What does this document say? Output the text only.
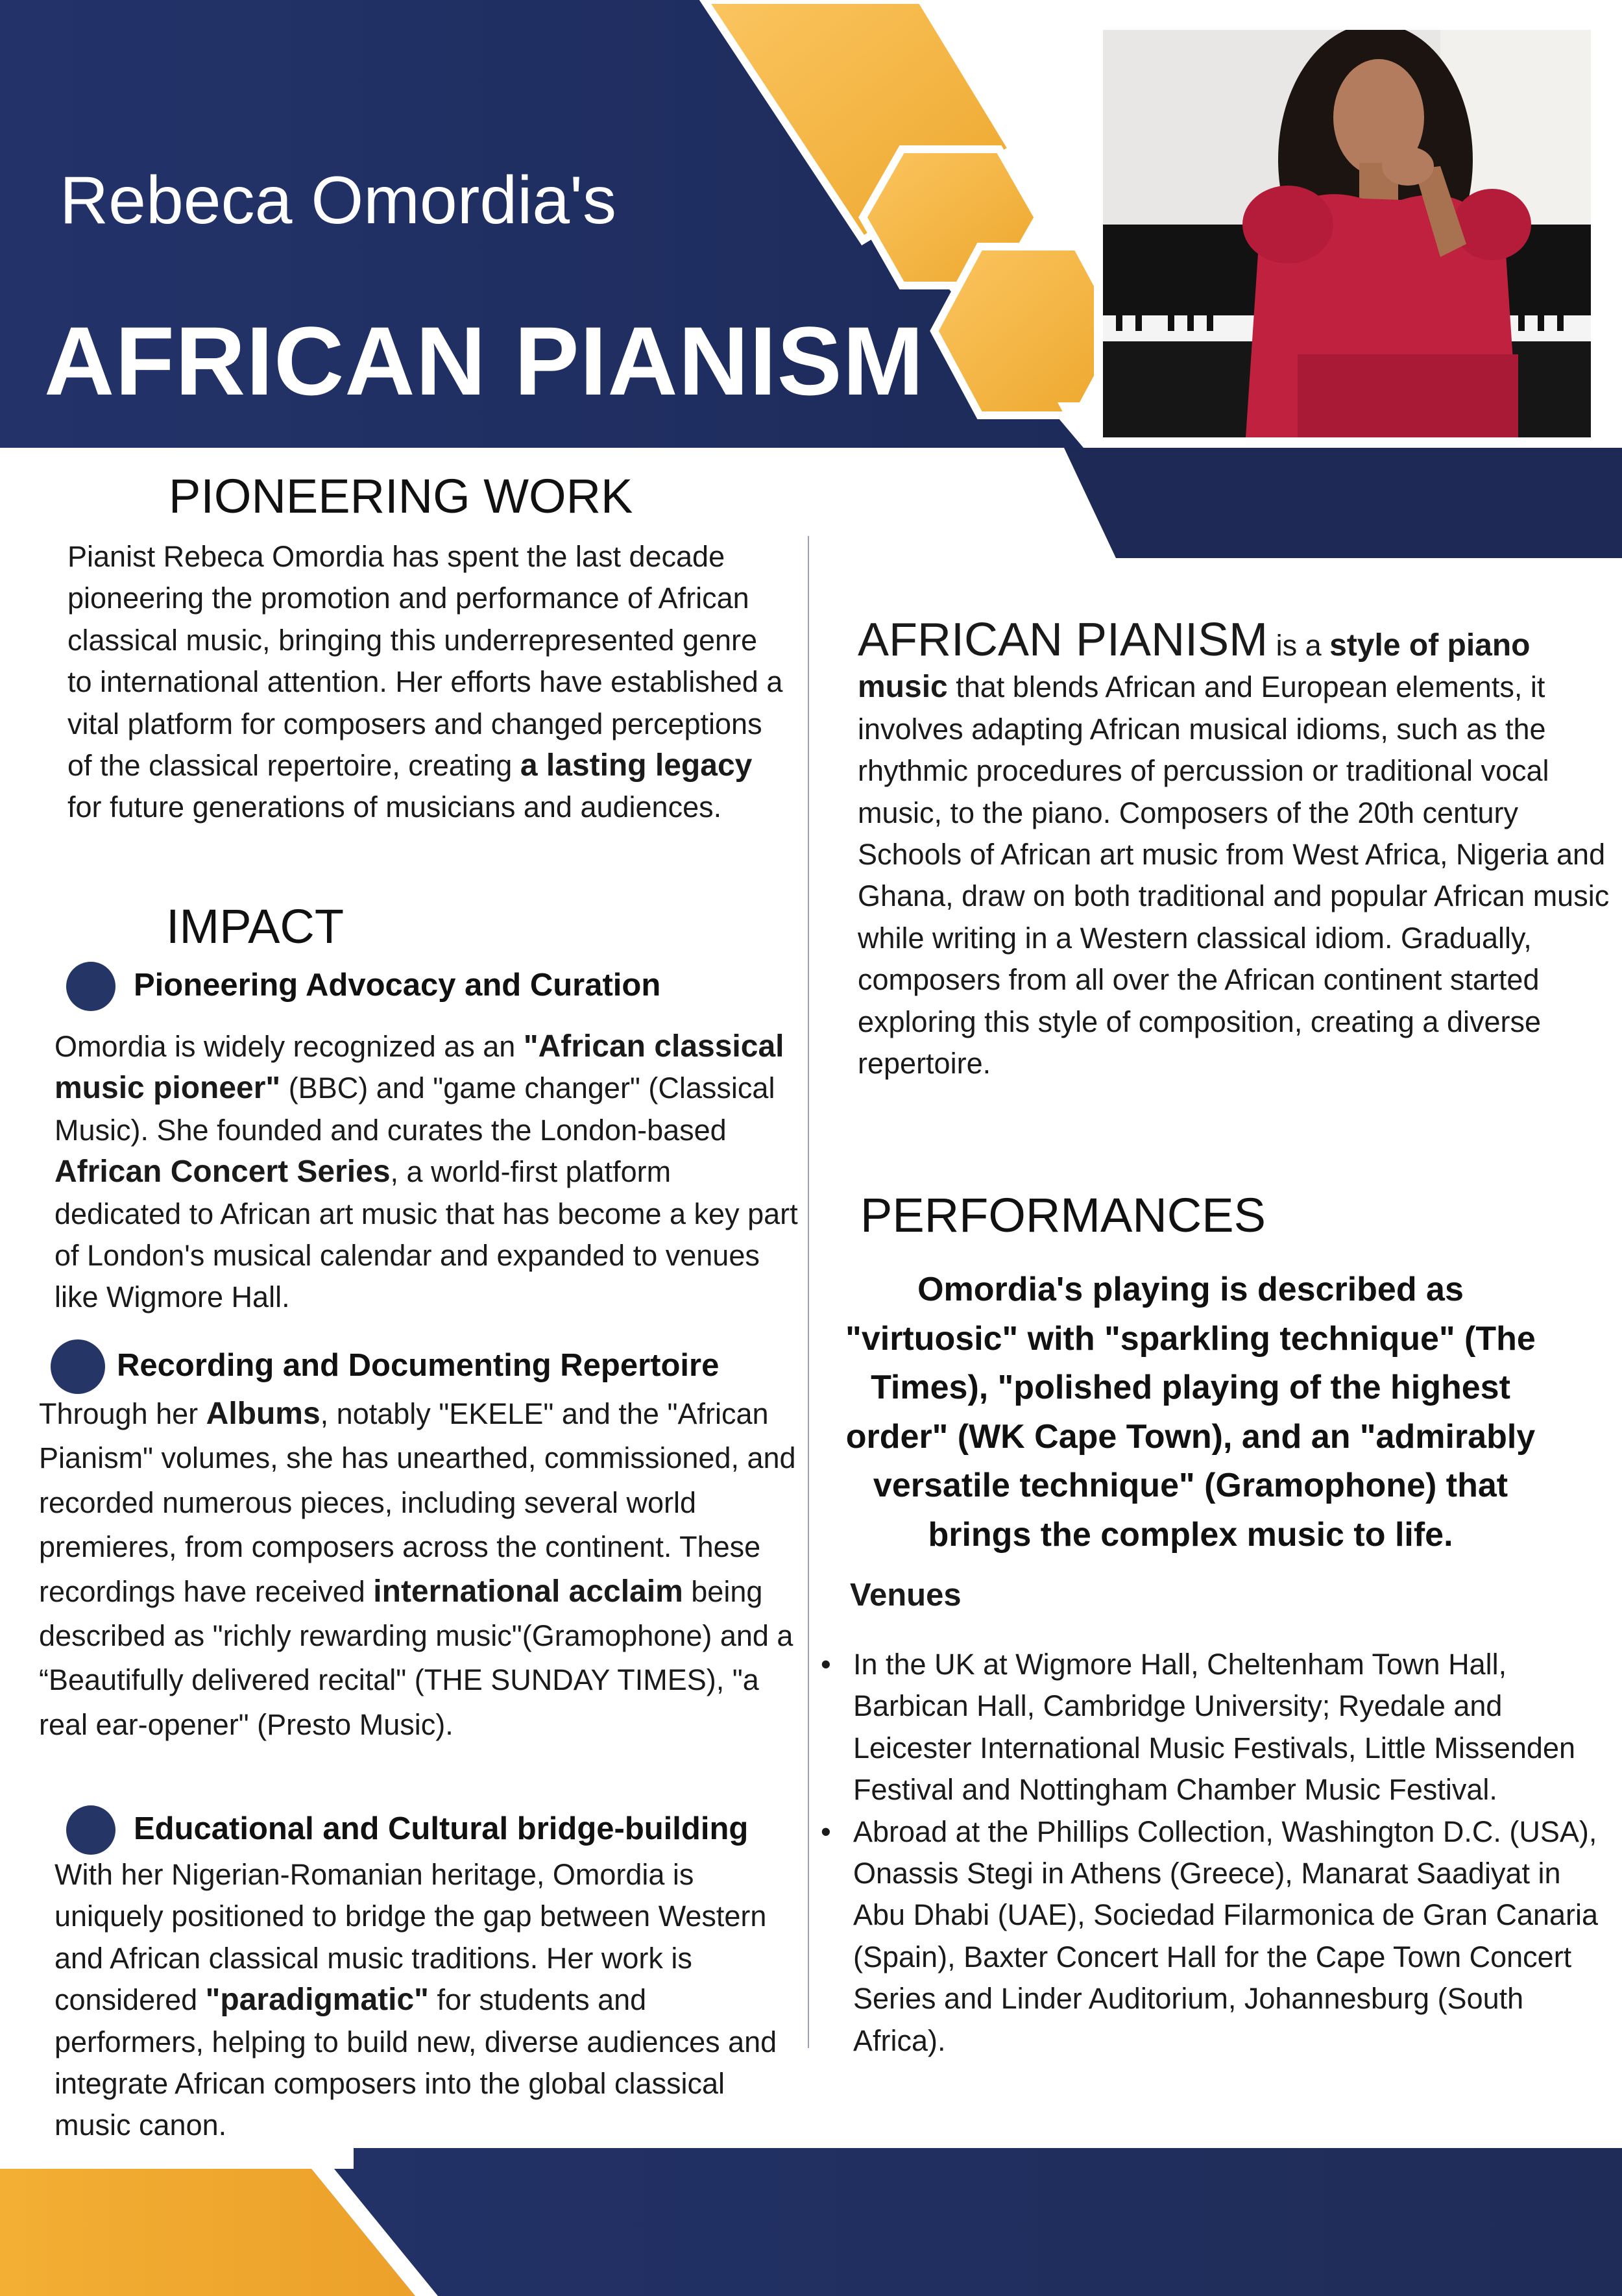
Rebeca Omordia's
AFRICAN PIANISM
PIONEERING WORK
Pianist Rebeca Omordia has spent the last decade pioneering the promotion and performance of African classical music, bringing this underrepresented genre to international attention. Her efforts have established a vital platform for composers and changed perceptions of the classical repertoire, creating a lasting legacy for future generations of musicians and audiences.
IMPACT
Pioneering Advocacy and Curation
Omordia is widely recognized as an "African classical music pioneer" (BBC) and "game changer" (Classical Music). She founded and curates the London-based African Concert Series, a world-first platform dedicated to African art music that has become a key part of London's musical calendar and expanded to venues like Wigmore Hall.
Recording and Documenting Repertoire
Through her Albums, notably "EKELE" and the "African Pianism" volumes, she has unearthed, commissioned, and recorded numerous pieces, including several world premieres, from composers across the continent. These recordings have received international acclaim being described as "richly rewarding music"(Gramophone) and a “Beautifully delivered recital" (THE SUNDAY TIMES), "a real ear-opener" (Presto Music).
Educational and Cultural bridge-building
With her Nigerian-Romanian heritage, Omordia is uniquely positioned to bridge the gap between Western and African classical music traditions. Her work is considered "paradigmatic" for students and performers, helping to build new, diverse audiences and integrate African composers into the global classical music canon.
AFRICAN PIANISM is a style of piano music that blends African and European elements, it involves adapting African musical idioms, such as the rhythmic procedures of percussion or traditional vocal music, to the piano. Composers of the 20th century Schools of African art music from West Africa, Nigeria and Ghana, draw on both traditional and popular African music while writing in a Western classical idiom. Gradually, composers from all over the African continent started exploring this style of composition, creating a diverse repertoire.
PERFORMANCES
Omordia's playing is described as "virtuosic" with "sparkling technique" (The Times), "polished playing of the highest order" (WK Cape Town), and an "admirably versatile technique" (Gramophone) that brings the complex music to life.
Venues
• In the UK at Wigmore Hall, Cheltenham Town Hall, Barbican Hall, Cambridge University; Ryedale and Leicester International Music Festivals, Little Missenden Festival and Nottingham Chamber Music Festival.
• Abroad at the Phillips Collection, Washington D.C. (USA), Onassis Stegi in Athens (Greece), Manarat Saadiyat in Abu Dhabi (UAE), Sociedad Filarmonica de Gran Canaria (Spain), Baxter Concert Hall for the Cape Town Concert Series and Linder Auditorium, Johannesburg (South Africa).
